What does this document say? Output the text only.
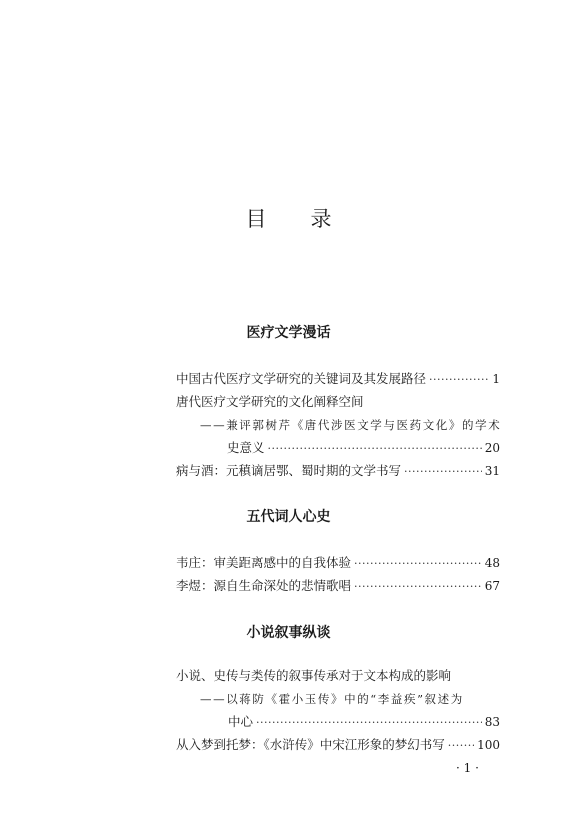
目录
医疗文学漫话
中国古代医疗文学研究的关键词及其发展路径 ·····	1
唐代医疗文学研究的文化阐释空间
——兼评郭树芹《唐代涉医文学与医药文化》的学术
史意义 ·····	20
病与酒：元稹谪居鄂、蜀时期的文学书写 ·····	31
五代词人心史
韦庄：审美距离感中的自我体验 ·····	48
李煜：源自生命深处的悲情歌唱 ·····	67
小说叙事纵谈
小说、史传与类传的叙事传承对于文本构成的影响
——以蒋防《霍小玉传》中的“李益疾”叙述为
中心 ·····	83
从入梦到托梦：《水浒传》中宋江形象的梦幻书写 ·····	100
· 1 ·
